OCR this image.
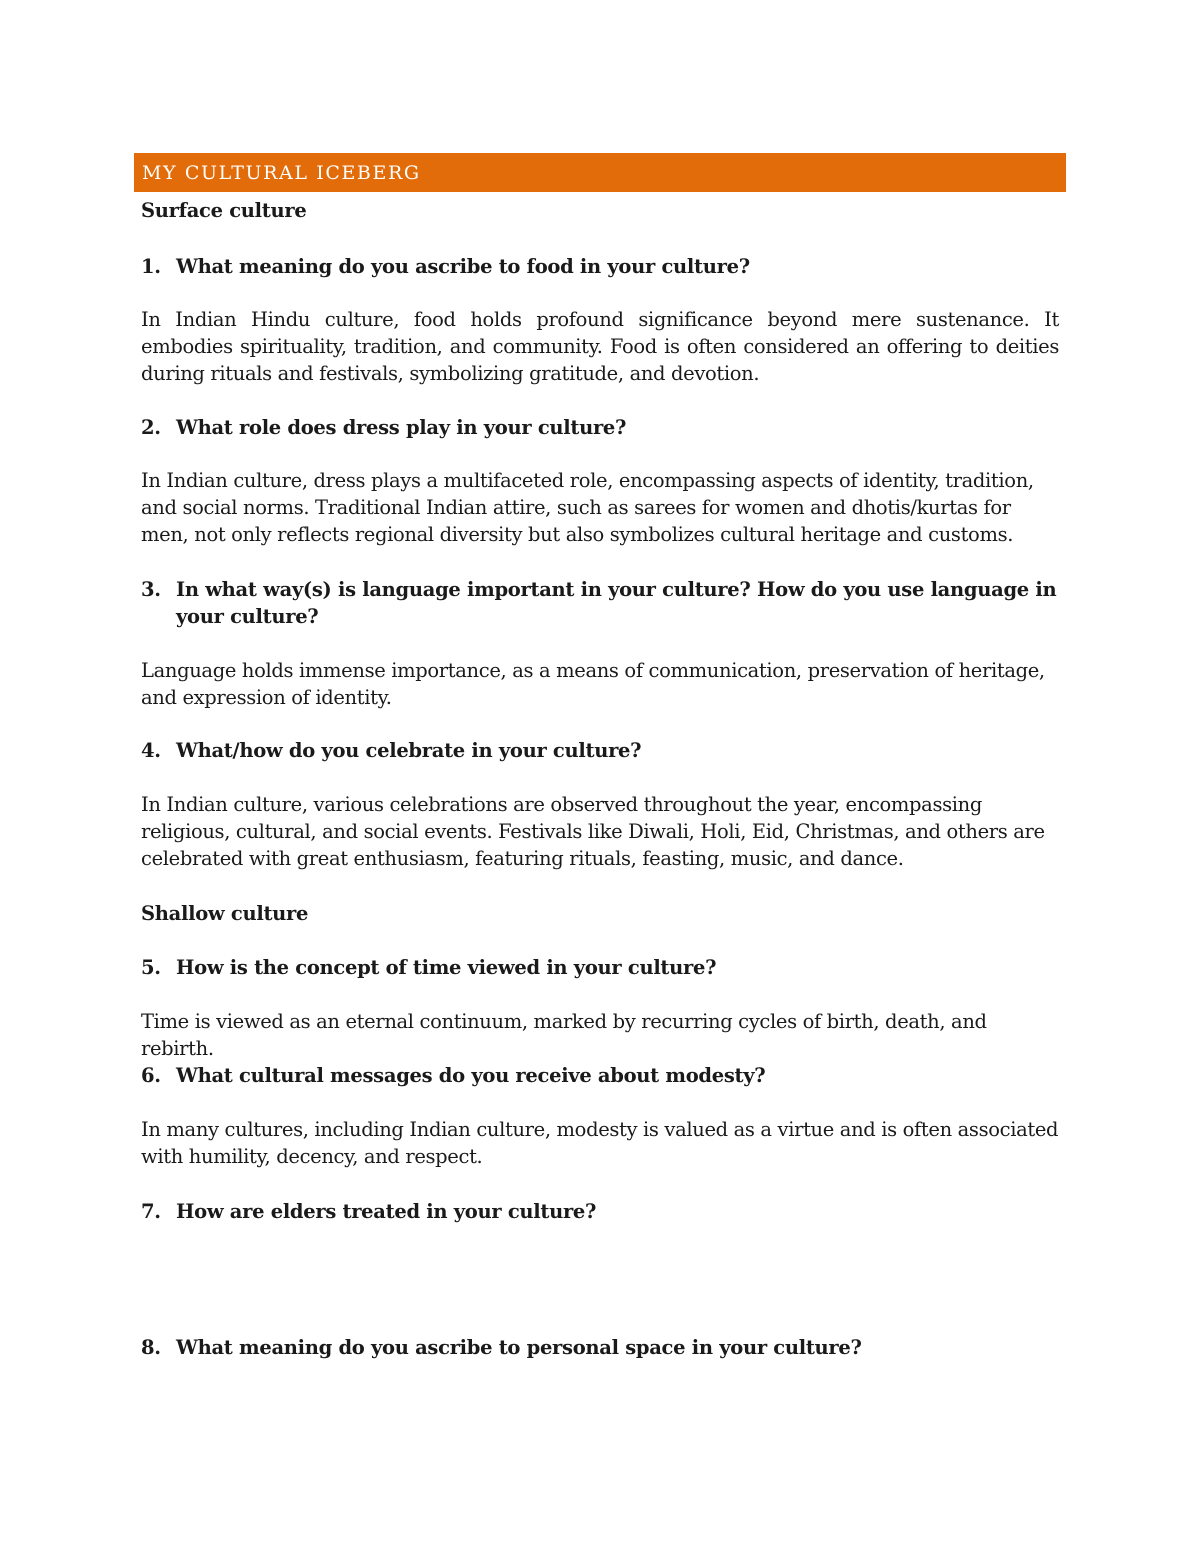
MY CULTURAL ICEBERG
Surface culture
1. What meaning do you ascribe to food in your culture?
In Indian Hindu culture, food holds profound significance beyond mere sustenance. It embodies spirituality, tradition, and community. Food is often considered an offering to deities during rituals and festivals, symbolizing gratitude, and devotion.
2. What role does dress play in your culture?
In Indian culture, dress plays a multifaceted role, encompassing aspects of identity, tradition, and social norms. Traditional Indian attire, such as sarees for women and dhotis/kurtas for men, not only reflects regional diversity but also symbolizes cultural heritage and customs.
3. In what way(s) is language important in your culture? How do you use language in your culture?
Language holds immense importance, as a means of communication, preservation of heritage, and expression of identity.
4. What/how do you celebrate in your culture?
In Indian culture, various celebrations are observed throughout the year, encompassing religious, cultural, and social events. Festivals like Diwali, Holi, Eid, Christmas, and others are celebrated with great enthusiasm, featuring rituals, feasting, music, and dance.
Shallow culture
5. How is the concept of time viewed in your culture?
Time is viewed as an eternal continuum, marked by recurring cycles of birth, death, and rebirth.
6. What cultural messages do you receive about modesty?
In many cultures, including Indian culture, modesty is valued as a virtue and is often associated with humility, decency, and respect.
7. How are elders treated in your culture?
8. What meaning do you ascribe to personal space in your culture?
